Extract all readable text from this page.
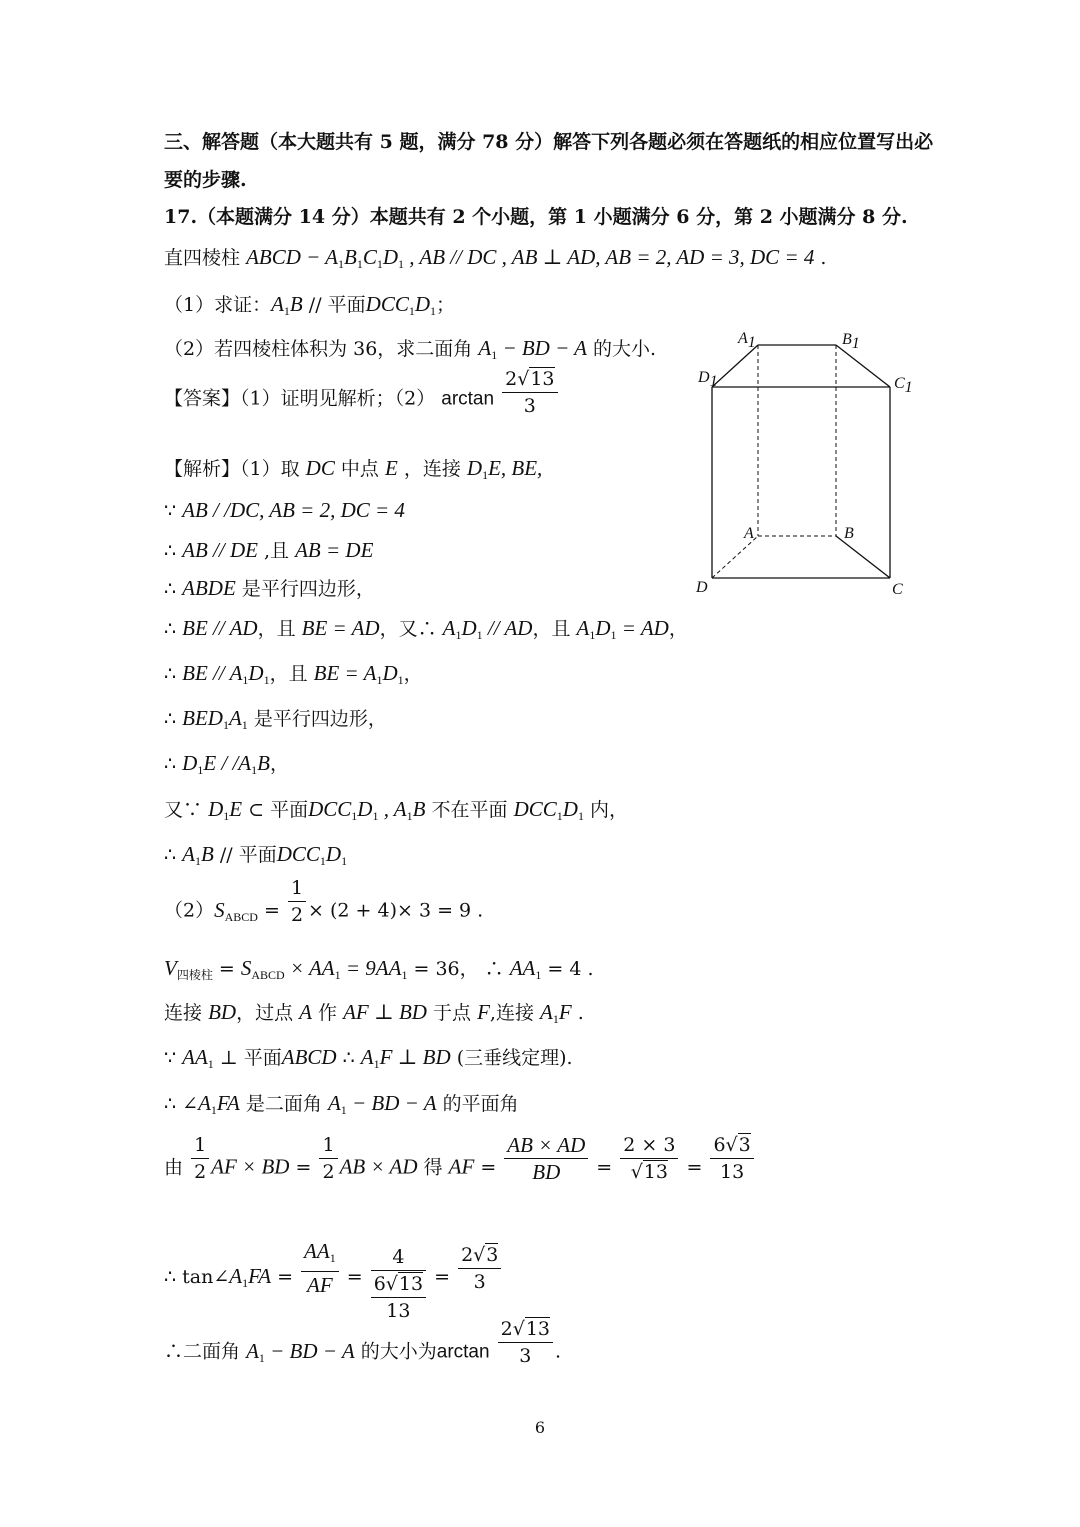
三、解答题（本大题共有 5 题，满分 78 分）解答下列各题必须在答题纸的相应位置写出必
要的步骤.
17.（本题满分 14 分）本题共有 2 个小题，第 1 小题满分 6 分，第 2 小题满分 8 分.
直四棱柱 ABCD − $A_1B_1C_1D_1$ , AB // DC , AB ⊥ AD, AB = 2, AD = 3, DC = 4 .
（1）求证：$A_1B$ // 平面$DCC_1D_1$；
（2）若四棱柱体积为 36，求二面角 $A_1$ − BD − A 的大小.
【答案】（1）证明见解析；（2） $\arctan \frac{2√13}{3}$
【解析】（1）取 DC 中点 E ，连接 $D_1E$, BE,
∵ AB / /DC, AB = 2, DC = 4
∴ AB // DE ,且 AB = DE
∴ ABDE 是平行四边形，
∴ BE // AD，且 BE = AD，又∴ $A_1D_1$ // AD，且 $A_1D_1$ = AD，
∴ BE // $A_1D_1$，且 BE = $A_1D_1$，
∴ $BED_1A_1$ 是平行四边形，
∴ $D_1E / /A_1B$，
又∵ $D_1E$ ⊂ 平面$DCC_1D_1$ , $A_1B$ 不在平面 $DCC_1D_1$ 内，
∴ $A_1B$ // 平面$DCC_1D_1$
$(2)S_{ABCD} = \frac{1}{2} \times (2 + 4)\times 3 = 9$ .
$V_{四棱柱} = S_{ABCD} \times AA_1 = 9AA_1 = 36$， ∴ $AA_1 = 4$ .
连接 BD，过点 A 作 AF ⊥ BD 于点 F,连接 $A_1F$ .
∵ $AA_1$ ⊥ 平面ABCD ∴ $A_1F$ ⊥ BD (三垂线定理).
∴ $\angle A_1FA$ 是二面角 $A_1$ − BD − A 的平面角
由 $\frac{1}{2}$ AF × BD = $\frac{1}{2}$ AB × AD 得 AF = $\frac{AB \times AD}{BD} = \frac{2 \times 3}{√13} = \frac{6√3}{13}$
∴ $\tan\angle A_1FA = \frac{AA_1}{AF}$ =
4
6√13
13
= $\frac{2√3}{3}$
∴二面角 $A_1$ − BD − A 的大小为$\arctan \frac{2√13}{3}$ .
A1	B1
D1	C1
A	B
D	C
6
